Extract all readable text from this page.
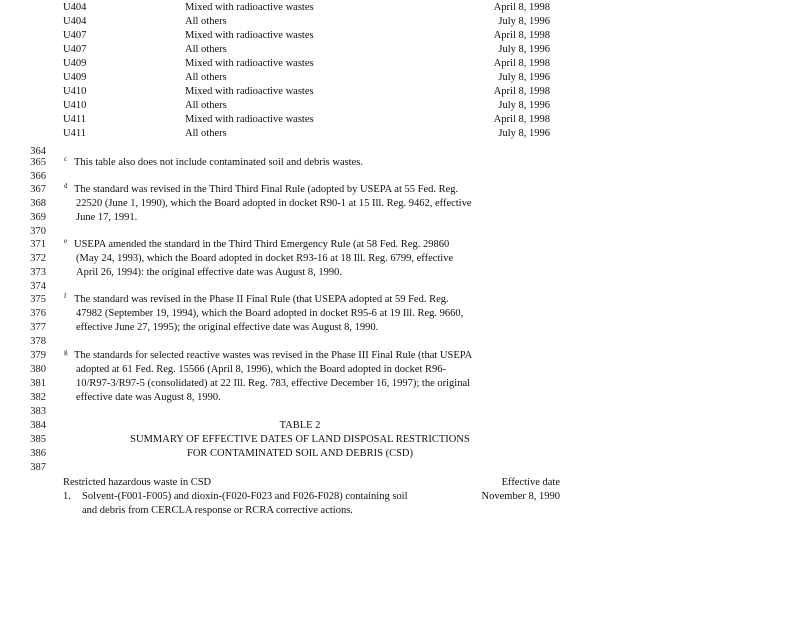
U404	Mixed with radioactive wastes	April 8, 1998
U404	All others	July 8, 1996
U407	Mixed with radioactive wastes	April 8, 1998
U407	All others	July 8, 1996
U409	Mixed with radioactive wastes	April 8, 1998
U409	All others	July 8, 1996
U410	Mixed with radioactive wastes	April 8, 1998
U410	All others	July 8, 1996
U411	Mixed with radioactive wastes	April 8, 1998
U411	All others	July 8, 1996
364
365	c This table also does not include contaminated soil and debris wastes.
366
367	d The standard was revised in the Third Third Final Rule (adopted by USEPA at 55 Fed. Reg.
368	22520 (June 1, 1990), which the Board adopted in docket R90-1 at 15 Ill. Reg. 9462, effective
369	June 17, 1991.
370
371	e USEPA amended the standard in the Third Third Emergency Rule (at 58 Fed. Reg. 29860
372	(May 24, 1993), which the Board adopted in docket R93-16 at 18 Ill. Reg. 6799, effective
373	April 26, 1994): the original effective date was August 8, 1990.
374
375	f The standard was revised in the Phase II Final Rule (that USEPA adopted at 59 Fed. Reg.
376	47982 (September 19, 1994), which the Board adopted in docket R95-6 at 19 Ill. Reg. 9660,
377	effective June 27, 1995); the original effective date was August 8, 1990.
378
379	g The standards for selected reactive wastes was revised in the Phase III Final Rule (that USEPA
380	adopted at 61 Fed. Reg. 15566 (April 8, 1996), which the Board adopted in docket R96-
381	10/R97-3/R97-5 (consolidated) at 22 Ill. Reg. 783, effective December 16, 1997); the original
382	effective date was August 8, 1990.
383
384	TABLE 2
385	SUMMARY OF EFFECTIVE DATES OF LAND DISPOSAL RESTRICTIONS
386	FOR CONTAMINATED SOIL AND DEBRIS (CSD)
387
Restricted hazardous waste in CSD	Effective date
1. Solvent-(F001-F005) and dioxin-(F020-F023 and F026-F028) containing soil	November 8, 1990
and debris from CERCLA response or RCRA corrective actions.
